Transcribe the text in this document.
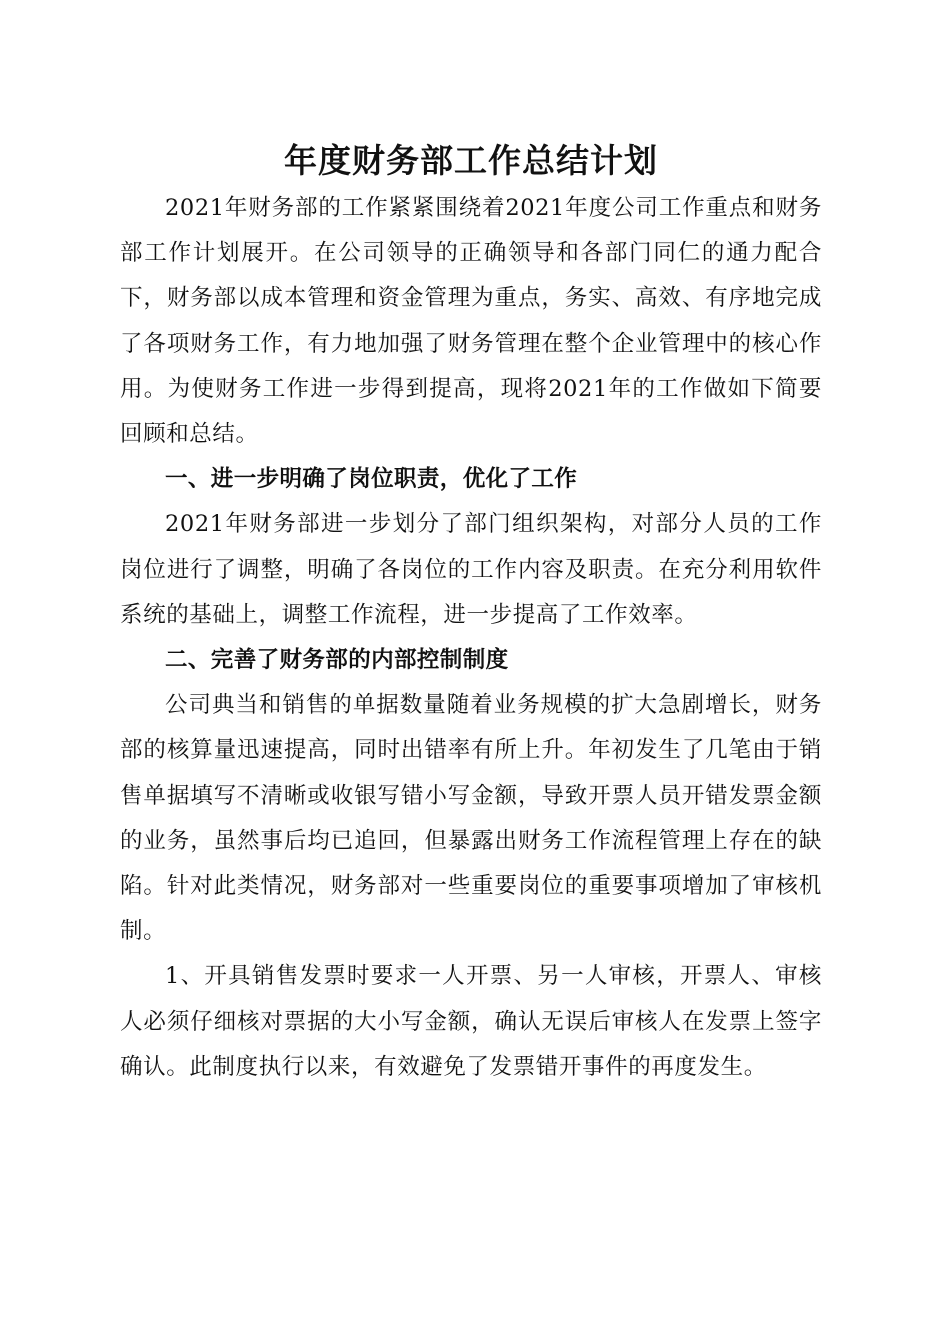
年度财务部工作总结计划

2021年财务部的工作紧紧围绕着2021年度公司工作重点和财务部工作计划展开。在公司领导的正确领导和各部门同仁的通力配合下，财务部以成本管理和资金管理为重点，务实、高效、有序地完成了各项财务工作，有力地加强了财务管理在整个企业管理中的核心作用。为使财务工作进一步得到提高，现将2021年的工作做如下简要回顾和总结。

一、进一步明确了岗位职责，优化了工作

2021年财务部进一步划分了部门组织架构，对部分人员的工作岗位进行了调整，明确了各岗位的工作内容及职责。在充分利用软件系统的基础上，调整工作流程，进一步提高了工作效率。

二、完善了财务部的内部控制制度

公司典当和销售的单据数量随着业务规模的扩大急剧增长，财务部的核算量迅速提高，同时出错率有所上升。年初发生了几笔由于销售单据填写不清晰或收银写错小写金额，导致开票人员开错发票金额的业务，虽然事后均已追回，但暴露出财务工作流程管理上存在的缺陷。针对此类情况，财务部对一些重要岗位的重要事项增加了审核机制。

1、开具销售发票时要求一人开票、另一人审核，开票人、审核人必须仔细核对票据的大小写金额，确认无误后审核人在发票上签字确认。此制度执行以来，有效避免了发票错开事件的再度发生。
